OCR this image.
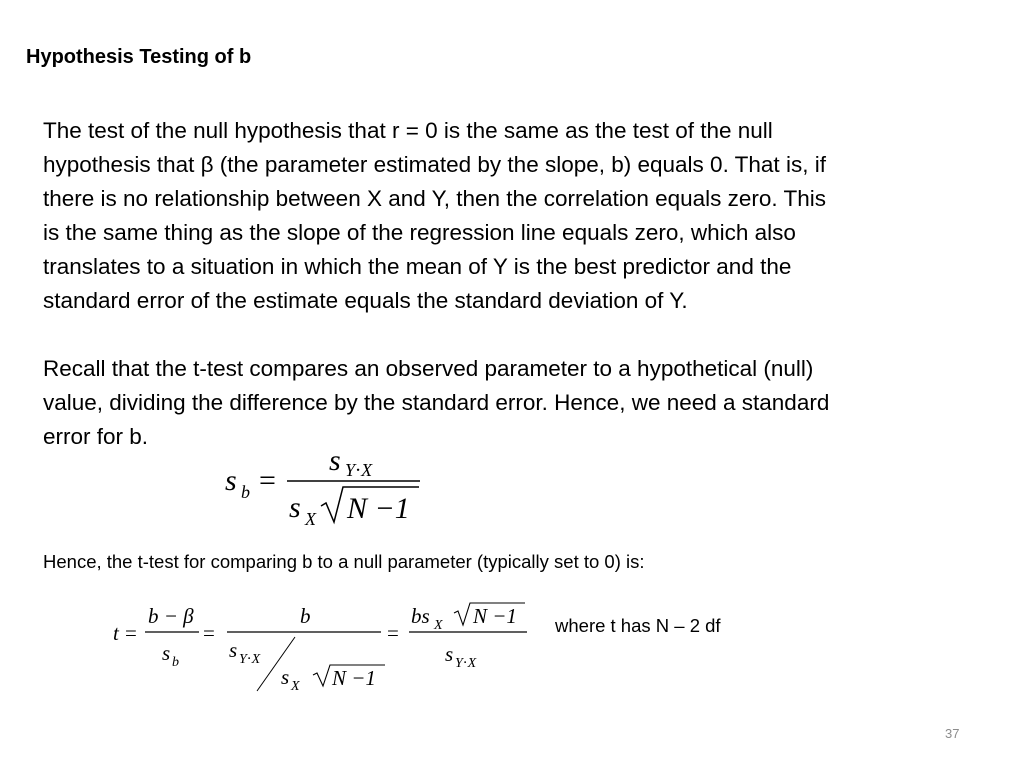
Hypothesis Testing of b
The test of the null hypothesis that r = 0 is the same as the test of the null
hypothesis that β (the parameter estimated by the slope, b) equals 0. That is, if
there is no relationship between X and Y, then the correlation equals zero. This
is the same thing as the slope of the regression line equals zero, which also
translates to a situation in which the mean of Y is the best predictor and the
standard error of the estimate equals the standard deviation of Y.
Recall that the t-test compares an observed parameter to a hypothetical (null)
value, dividing the difference by the standard error. Hence, we need a standard
error for b.
s b =
s Y⋅X
s X N −1
Hence, the t-test for comparing b to a null parameter (typically set to 0) is:
t =
b − β
s b
=
b
s Y⋅X
s X N −1
=
bs X N −1
s Y⋅X
where t has N – 2 df
37
